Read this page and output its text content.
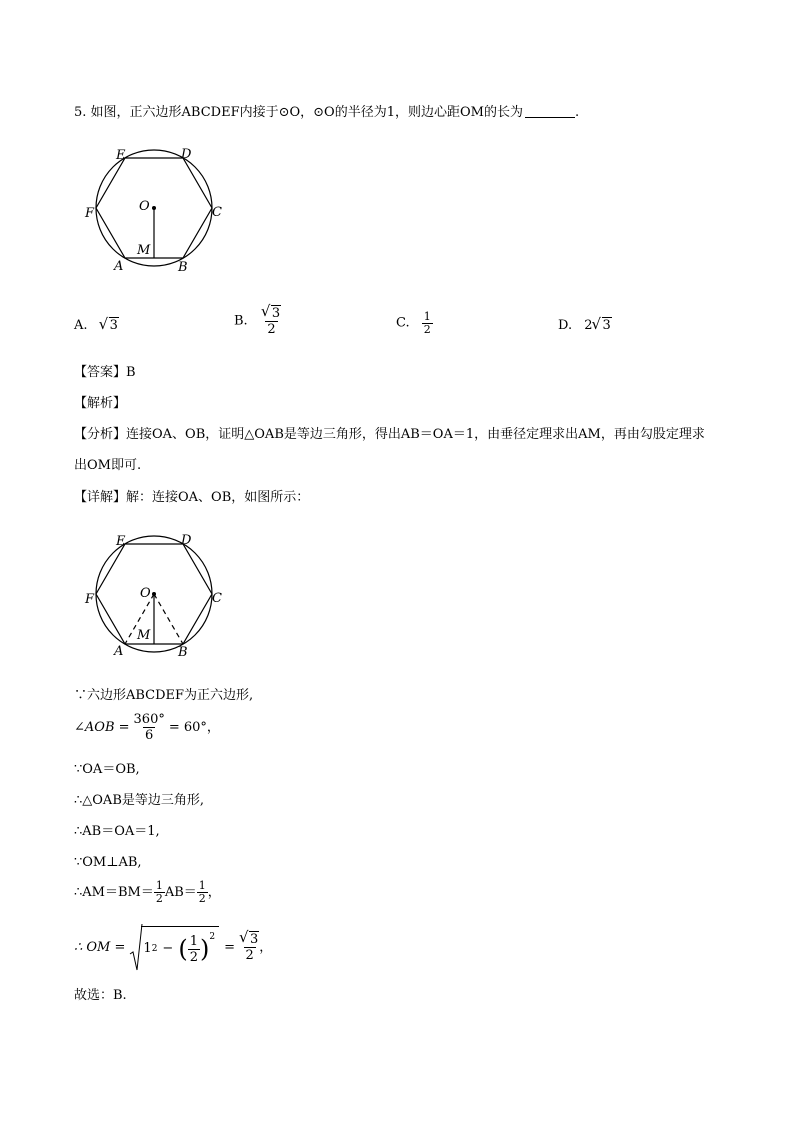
5. 如图，正六边形ABCDEF内接于⊙O，⊙O的半径为1，则边心距OM的长为	.
E	D
F	C
O
M
A	B
A. √ 3	B. √ $\frac{3}{2}$	C. $\frac{1}{2}$	D. 2 √ 3
【答案】B
【解析】
【分析】连接OA、OB，证明△OAB是等边三角形，得出AB＝OA＝1，由垂径定理求出AM，再由勾股定理求
出OM即可.
【详解】解：连接OA、OB，如图所示：
E	D
F	C
O
M
A	B
∵六边形ABCDEF为正六边形,
∠AOB = $\frac{360^\circ}{6} = 60^\circ$，
∵OA＝OB,
∴△OAB是等边三角形,
∴AB＝OA＝1,
∵OM⊥AB,
∴AM＝BM＝ $\frac{1}{2} AB= \frac{1}{2}$ ，
∴ OM = 1 2 − ( $\frac{1}{2} )^2$
= √ $\frac{3}{2}$ ，
故选：B.
